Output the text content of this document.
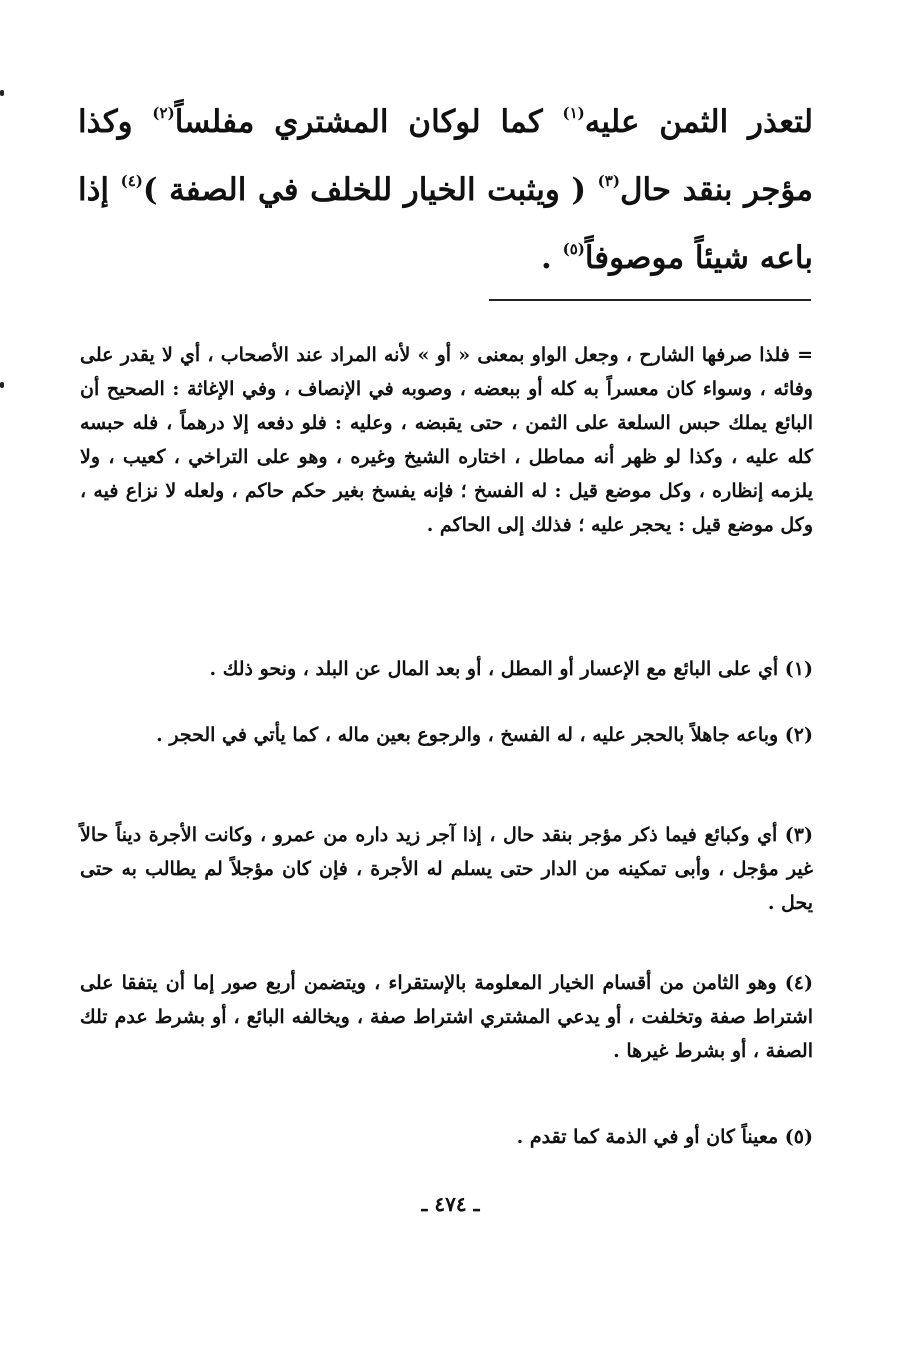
لتعذر الثمن عليه$^{(١)}$ كما لوكان المشتري مفلساً$^{(٢)}$ وكذا مؤجر بنقد حال$^{(٣)}$ ( ويثبت الخيار للخلف في الصفة )$^{(٤)}$ إذا باعه شيئاً موصوفاً$^{(٥)}$ .

= فلذا صرفها الشارح ، وجعل الواو بمعنى « أو » لأنه المراد عند الأصحاب ، أي لا يقدر على وفائه ، وسواء كان معسراً به كله أو ببعضه ، وصوبه في الإنصاف ، وفي الإغاثة : الصحيح أن البائع يملك حبس السلعة على الثمن ، حتى يقبضه ، وعليه : فلو دفعه إلا درهماً ، فله حبسه كله عليه ، وكذا لو ظهر أنه مماطل ، اختاره الشيخ وغيره ، وهو على التراخي ، كعيب ، ولا يلزمه إنظاره ، وكل موضع قيل : له الفسخ ؛ فإنه يفسخ بغير حكم حاكم ، ولعله لا نزاع فيه ، وكل موضع قيل : يحجر عليه ؛ فذلك إلى الحاكم .

(١) أي على البائع مع الإعسار أو المطل ، أو بعد المال عن البلد ، ونحو ذلك .

(٢) وباعه جاهلاً بالحجر عليه ، له الفسخ ، والرجوع بعين ماله ، كما يأتي في الحجر .

(٣) أي وكبائع فيما ذكر مؤجر بنقد حال ، إذا آجر زيد داره من عمرو ، وكانت الأجرة ديناً حالاً غير مؤجل ، وأبى تمكينه من الدار حتى يسلم له الأجرة ، فإن كان مؤجلاً لم يطالب به حتى يحل .

(٤) وهو الثامن من أقسام الخيار المعلومة بالإستقراء ، ويتضمن أربع صور إما أن يتفقا على اشتراط صفة وتخلفت ، أو يدعي المشتري اشتراط صفة ، ويخالفه البائع ، أو بشرط عدم تلك الصفة ، أو بشرط غيرها .

(٥) معيناً كان أو في الذمة كما تقدم .

ـ ٤٧٤ ـ
